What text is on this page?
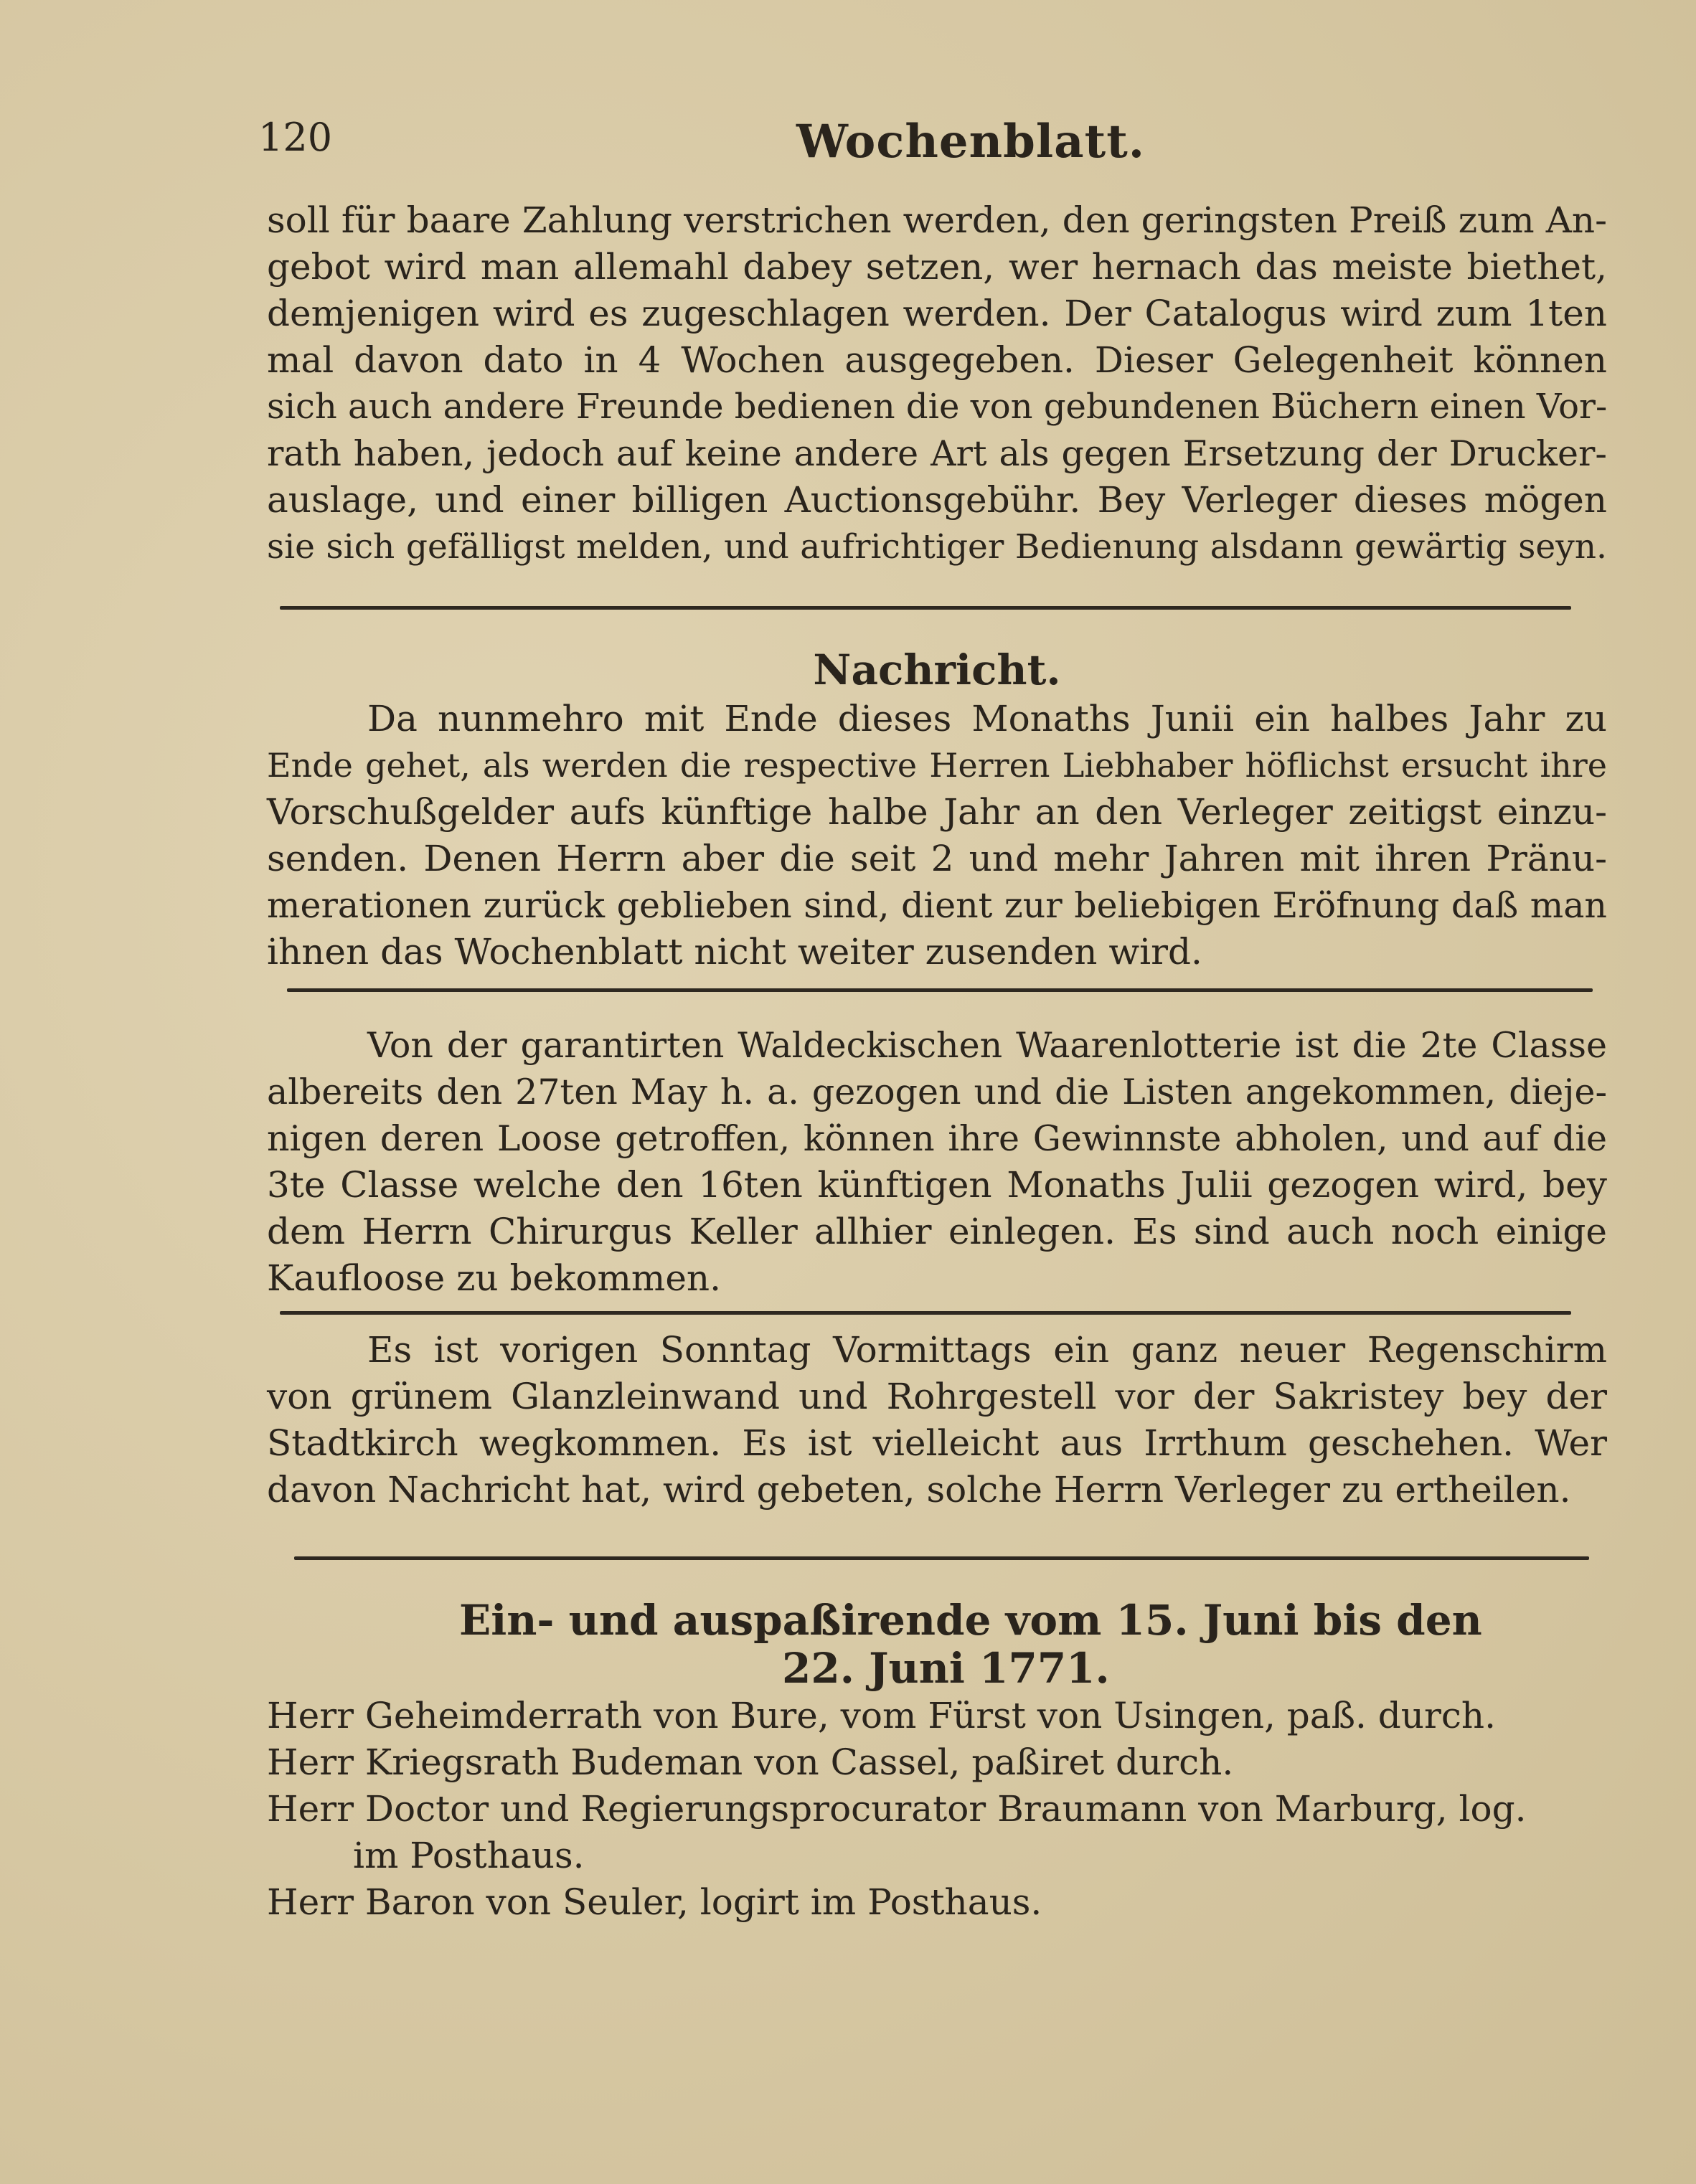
120	Wochenblatt.
soll für baare Zahlung verstrichen werden, den geringsten Preiß zum An-
gebot wird man allemahl dabey setzen, wer hernach das meiste biethet,
demjenigen wird es zugeschlagen werden. Der Catalogus wird zum 1ten
mal davon dato in 4 Wochen ausgegeben. Dieser Gelegenheit können
sich auch andere Freunde bedienen die von gebundenen Büchern einen Vor-
rath haben, jedoch auf keine andere Art als gegen Ersetzung der Drucker-
auslage, und einer billigen Auctionsgebühr. Bey Verleger dieses mögen
sie sich gefälligst melden, und aufrichtiger Bedienung alsdann gewärtig seyn.
Nachricht.
Da nunmehro mit Ende dieses Monaths Junii ein halbes Jahr zu
Ende gehet, als werden die respective Herren Liebhaber höflichst ersucht ihre
Vorschußgelder aufs künftige halbe Jahr an den Verleger zeitigst einzu-
senden. Denen Herrn aber die seit 2 und mehr Jahren mit ihren Pränu-
merationen zurück geblieben sind, dient zur beliebigen Eröfnung daß man
ihnen das Wochenblatt nicht weiter zusenden wird.
Von der garantirten Waldeckischen Waarenlotterie ist die 2te Classe
albereits den 27ten May h. a. gezogen und die Listen angekommen, dieje-
nigen deren Loose getroffen, können ihre Gewinnste abholen, und auf die
3te Classe welche den 16ten künftigen Monaths Julii gezogen wird, bey
dem Herrn Chirurgus Keller allhier einlegen. Es sind auch noch einige
Kaufloose zu bekommen.
Es ist vorigen Sonntag Vormittags ein ganz neuer Regenschirm
von grünem Glanzleinwand und Rohrgestell vor der Sakristey bey der
Stadtkirch wegkommen. Es ist vielleicht aus Irrthum geschehen. Wer
davon Nachricht hat, wird gebeten, solche Herrn Verleger zu ertheilen.
Ein- und auspaßirende vom 15. Juni bis den
22. Juni 1771.
Herr Geheimderrath von Bure, vom Fürst von Usingen, paß. durch.
Herr Kriegsrath Budeman von Cassel, paßiret durch.
Herr Doctor und Regierungsprocurator Braumann von Marburg, log.
im Posthaus.
Herr Baron von Seuler, logirt im Posthaus.
